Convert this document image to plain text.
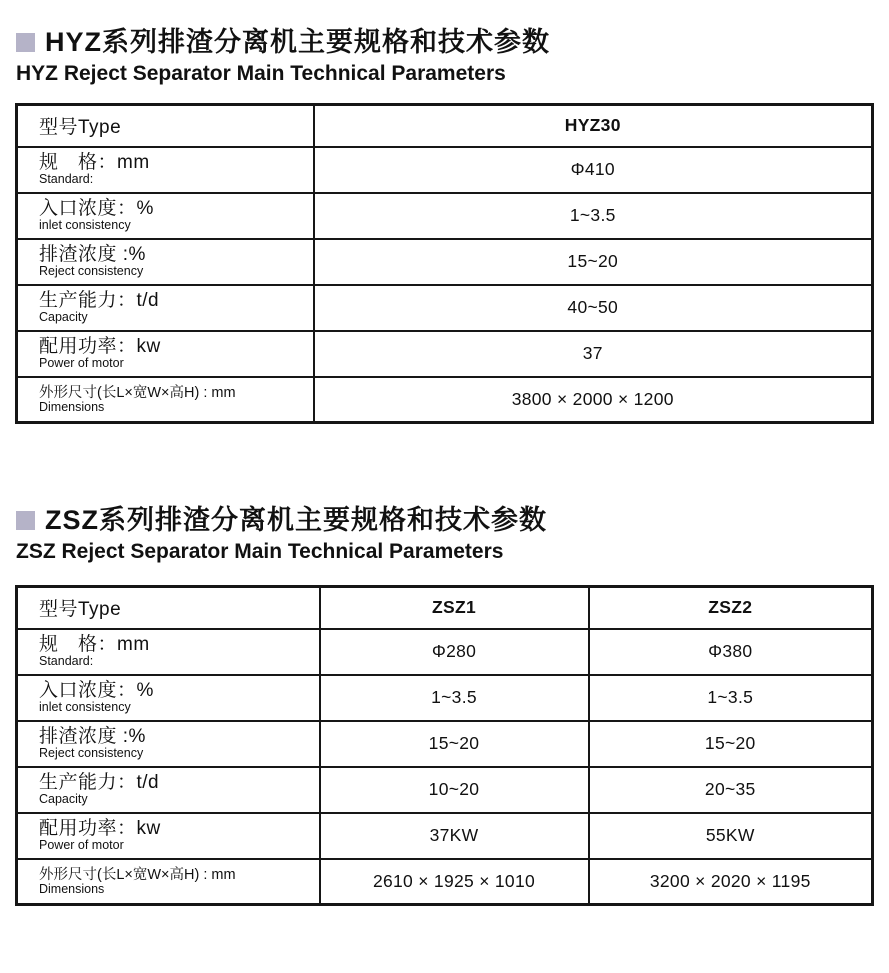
HYZ系列排渣分离机主要规格和技术参数
HYZ Reject Separator Main Technical Parameters
型号Type	HYZ30

规　格：mm
Standard:	Φ410

入口浓度：%
inlet consistency	1~3.5

排渣浓度 :%
Reject consistency	15~20

生产能力：t/d
Capacity	40~50

配用功率：kw
Power of motor	37

外形尺寸(长L×宽W×高H) : mm
Dimensions	3800 × 2000 × 1200
ZSZ系列排渣分离机主要规格和技术参数
ZSZ Reject Separator Main Technical Parameters
型号Type	ZSZ1	ZSZ2

规　格：mm
Standard:	Φ280	Φ380

入口浓度：%
inlet consistency	1~3.5	1~3.5

排渣浓度 :%
Reject consistency	15~20	15~20

生产能力：t/d
Capacity	10~20	20~35

配用功率：kw
Power of motor	37KW	55KW

外形尺寸(长L×宽W×高H) : mm
Dimensions	2610 × 1925 × 1010	3200 × 2020 × 1195
